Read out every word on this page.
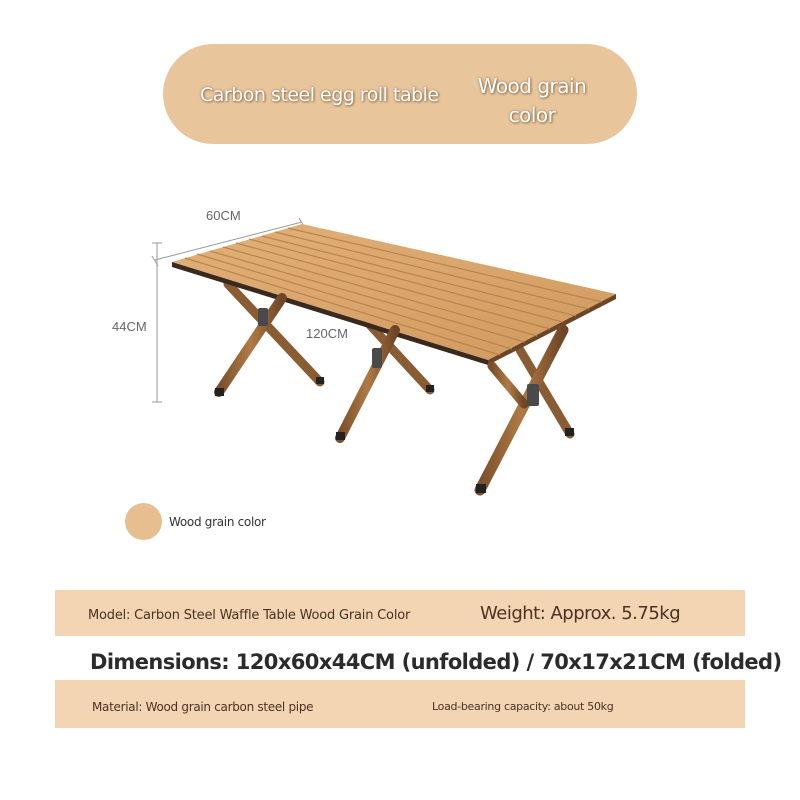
Carbon steel egg roll table	Wood grain
color
60CM
44CM	120CM
Wood grain color
Model: Carbon Steel Waffle Table Wood Grain Color	Weight: Approx. 5.75kg
Dimensions: 120x60x44CM (unfolded) / 70x17x21CM (folded)
Material: Wood grain carbon steel pipe	Load-bearing capacity: about 50kg
